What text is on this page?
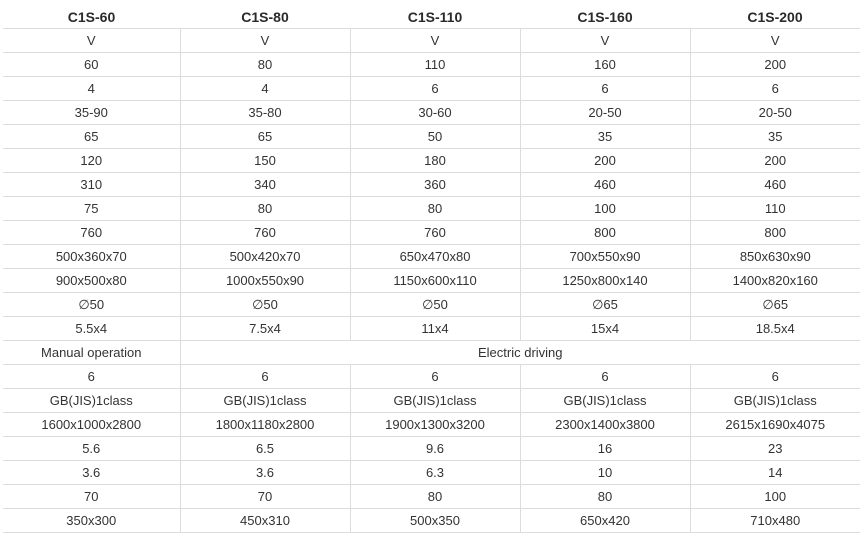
C1S-60	C1S-80	C1S-110	C1S-160	C1S-200
V	V	V	V	V
60	80	110	160	200
4	4	6	6	6
35-90	35-80	30-60	20-50	20-50
65	65	50	35	35
120	150	180	200	200
310	340	360	460	460
75	80	80	100	110
760	760	760	800	800
500x360x70	500x420x70	650x470x80	700x550x90	850x630x90
900x500x80	1000x550x90	1150x600x110	1250x800x140	1400x820x160
∅50	∅50	∅50	∅65	∅65
5.5x4	7.5x4	11x4	15x4	18.5x4
Manual operation	Electric driving			
6	6	6	6	6
GB(JIS)1class	GB(JIS)1class	GB(JIS)1class	GB(JIS)1class	GB(JIS)1class
1600x1000x2800	1800x1180x2800	1900x1300x3200	2300x1400x3800	2615x1690x4075
5.6	6.5	9.6	16	23
3.6	3.6	6.3	10	14
70	70	80	80	100
350x300	450x310	500x350	650x420	710x480
